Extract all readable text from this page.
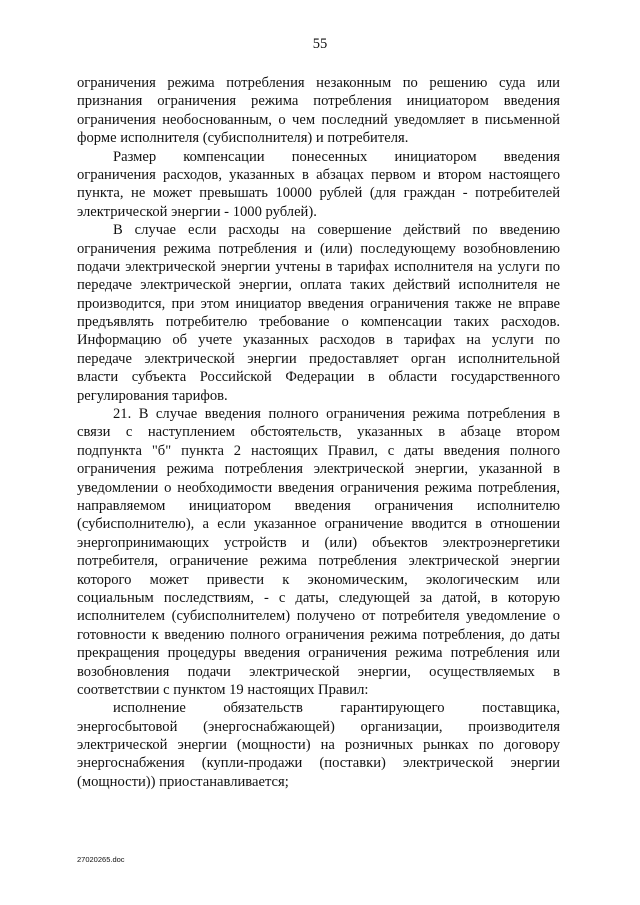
55
ограничения режима потребления незаконным по решению суда или
признания ограничения режима потребления инициатором введения
ограничения необоснованным, о чем последний уведомляет в письменной
форме исполнителя (субисполнителя) и потребителя.
Размер компенсации понесенных инициатором введения
ограничения расходов, указанных в абзацах первом и втором настоящего
пункта, не может превышать 10000 рублей (для граждан - потребителей
электрической энергии - 1000 рублей).
В случае если расходы на совершение действий по введению
ограничения режима потребления и (или) последующему возобновлению
подачи электрической энергии учтены в тарифах исполнителя на услуги по
передаче электрической энергии, оплата таких действий исполнителя не
производится, при этом инициатор введения ограничения также не вправе
предъявлять потребителю требование о компенсации таких расходов.
Информацию об учете указанных расходов в тарифах на услуги по
передаче электрической энергии предоставляет орган исполнительной
власти субъекта Российской Федерации в области государственного
регулирования тарифов.
21. В случае введения полного ограничения режима потребления в
связи с наступлением обстоятельств, указанных в абзаце втором
подпункта "б" пункта 2 настоящих Правил, с даты введения полного
ограничения режима потребления электрической энергии, указанной в
уведомлении о необходимости введения ограничения режима потребления,
направляемом инициатором введения ограничения исполнителю
(субисполнителю), а если указанное ограничение вводится в отношении
энергопринимающих устройств и (или) объектов электроэнергетики
потребителя, ограничение режима потребления электрической энергии
которого может привести к экономическим, экологическим или
социальным последствиям, - с даты, следующей за датой, в которую
исполнителем (субисполнителем) получено от потребителя уведомление о
готовности к введению полного ограничения режима потребления, до даты
прекращения процедуры введения ограничения режима потребления или
возобновления подачи электрической энергии, осуществляемых в
соответствии с пунктом 19 настоящих Правил:
исполнение обязательств гарантирующего поставщика,
энергосбытовой (энергоснабжающей) организации, производителя
электрической энергии (мощности) на розничных рынках по договору
энергоснабжения (купли-продажи (поставки) электрической энергии
(мощности)) приостанавливается;
27020265.doc
